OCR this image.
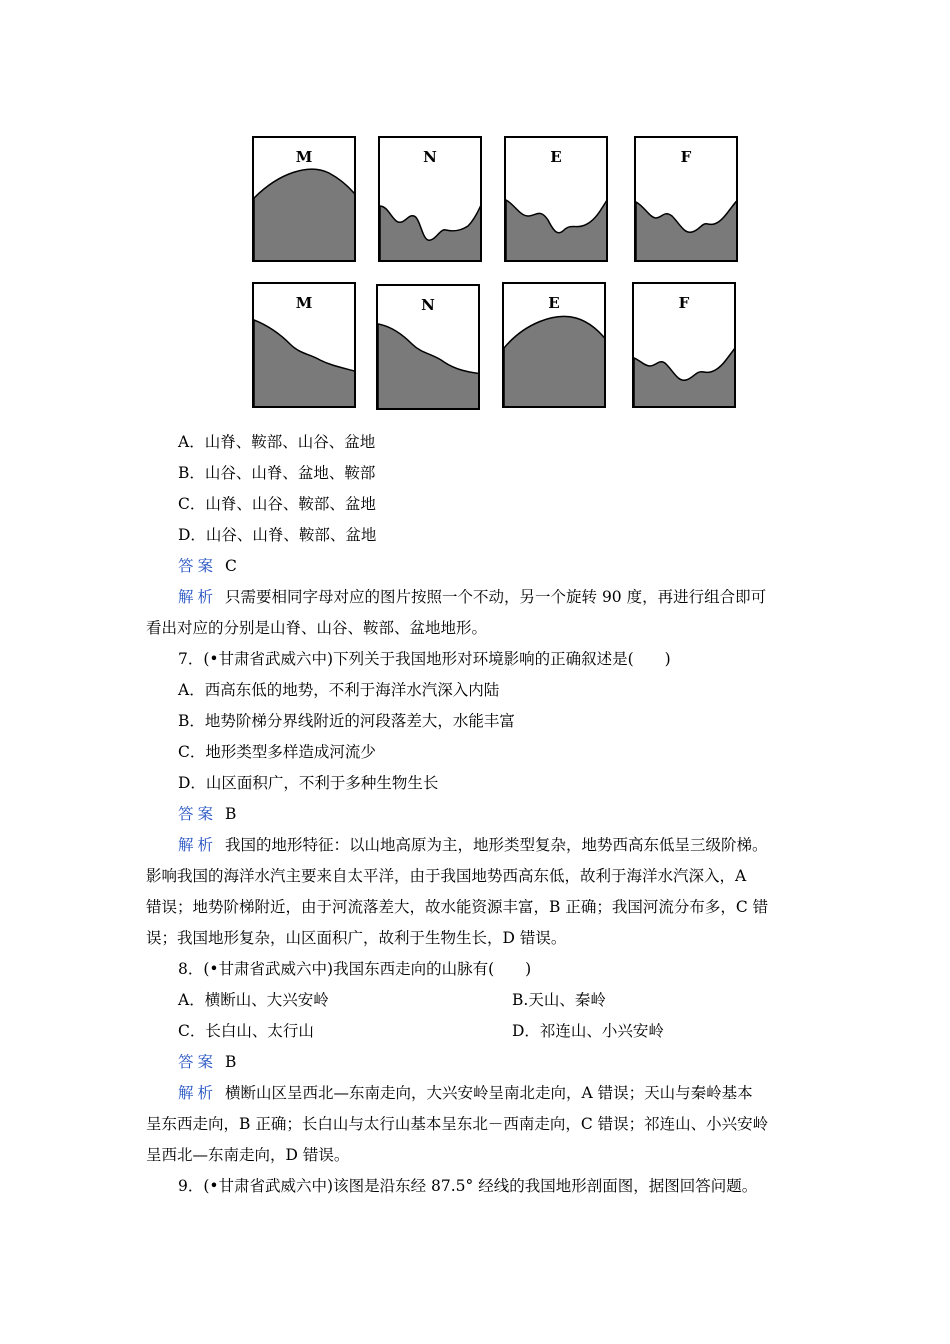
M	N	E	F
M	N	E	F
A．山脊、鞍部、山谷、盆地
B．山谷、山脊、盆地、鞍部
C．山脊、山谷、鞍部、盆地
D．山谷、山脊、鞍部、盆地
答案 C
解析 只需要相同字母对应的图片按照一个不动，另一个旋转 90 度，再进行组合即可
看出对应的分别是山脊、山谷、鞍部、盆地地形。
7．(•甘肃省武威六中)下列关于我国地形对环境影响的正确叙述是(　　)
A．西高东低的地势，不利于海洋水汽深入内陆
B．地势阶梯分界线附近的河段落差大，水能丰富
C．地形类型多样造成河流少
D．山区面积广，不利于多种生物生长
答案 B
解析 我国的地形特征：以山地高原为主，地形类型复杂，地势西高东低呈三级阶梯。
影响我国的海洋水汽主要来自太平洋，由于我国地势西高东低，故利于海洋水汽深入，A
错误；地势阶梯附近，由于河流落差大，故水能资源丰富，B 正确；我国河流分布多，C 错
误；我国地形复杂，山区面积广，故利于生物生长，D 错误。
8．(•甘肃省武威六中)我国东西走向的山脉有(　　)
A．横断山、大兴安岭	B.天山、秦岭
C．长白山、太行山	D．祁连山、小兴安岭
答案 B
解析 横断山区呈西北—东南走向，大兴安岭呈南北走向，A 错误；天山与秦岭基本
呈东西走向，B 正确；长白山与太行山基本呈东北－西南走向，C 错误；祁连山、小兴安岭
呈西北—东南走向，D 错误。
9．(•甘肃省武威六中)该图是沿东经 87.5° 经线的我国地形剖面图，据图回答问题。
